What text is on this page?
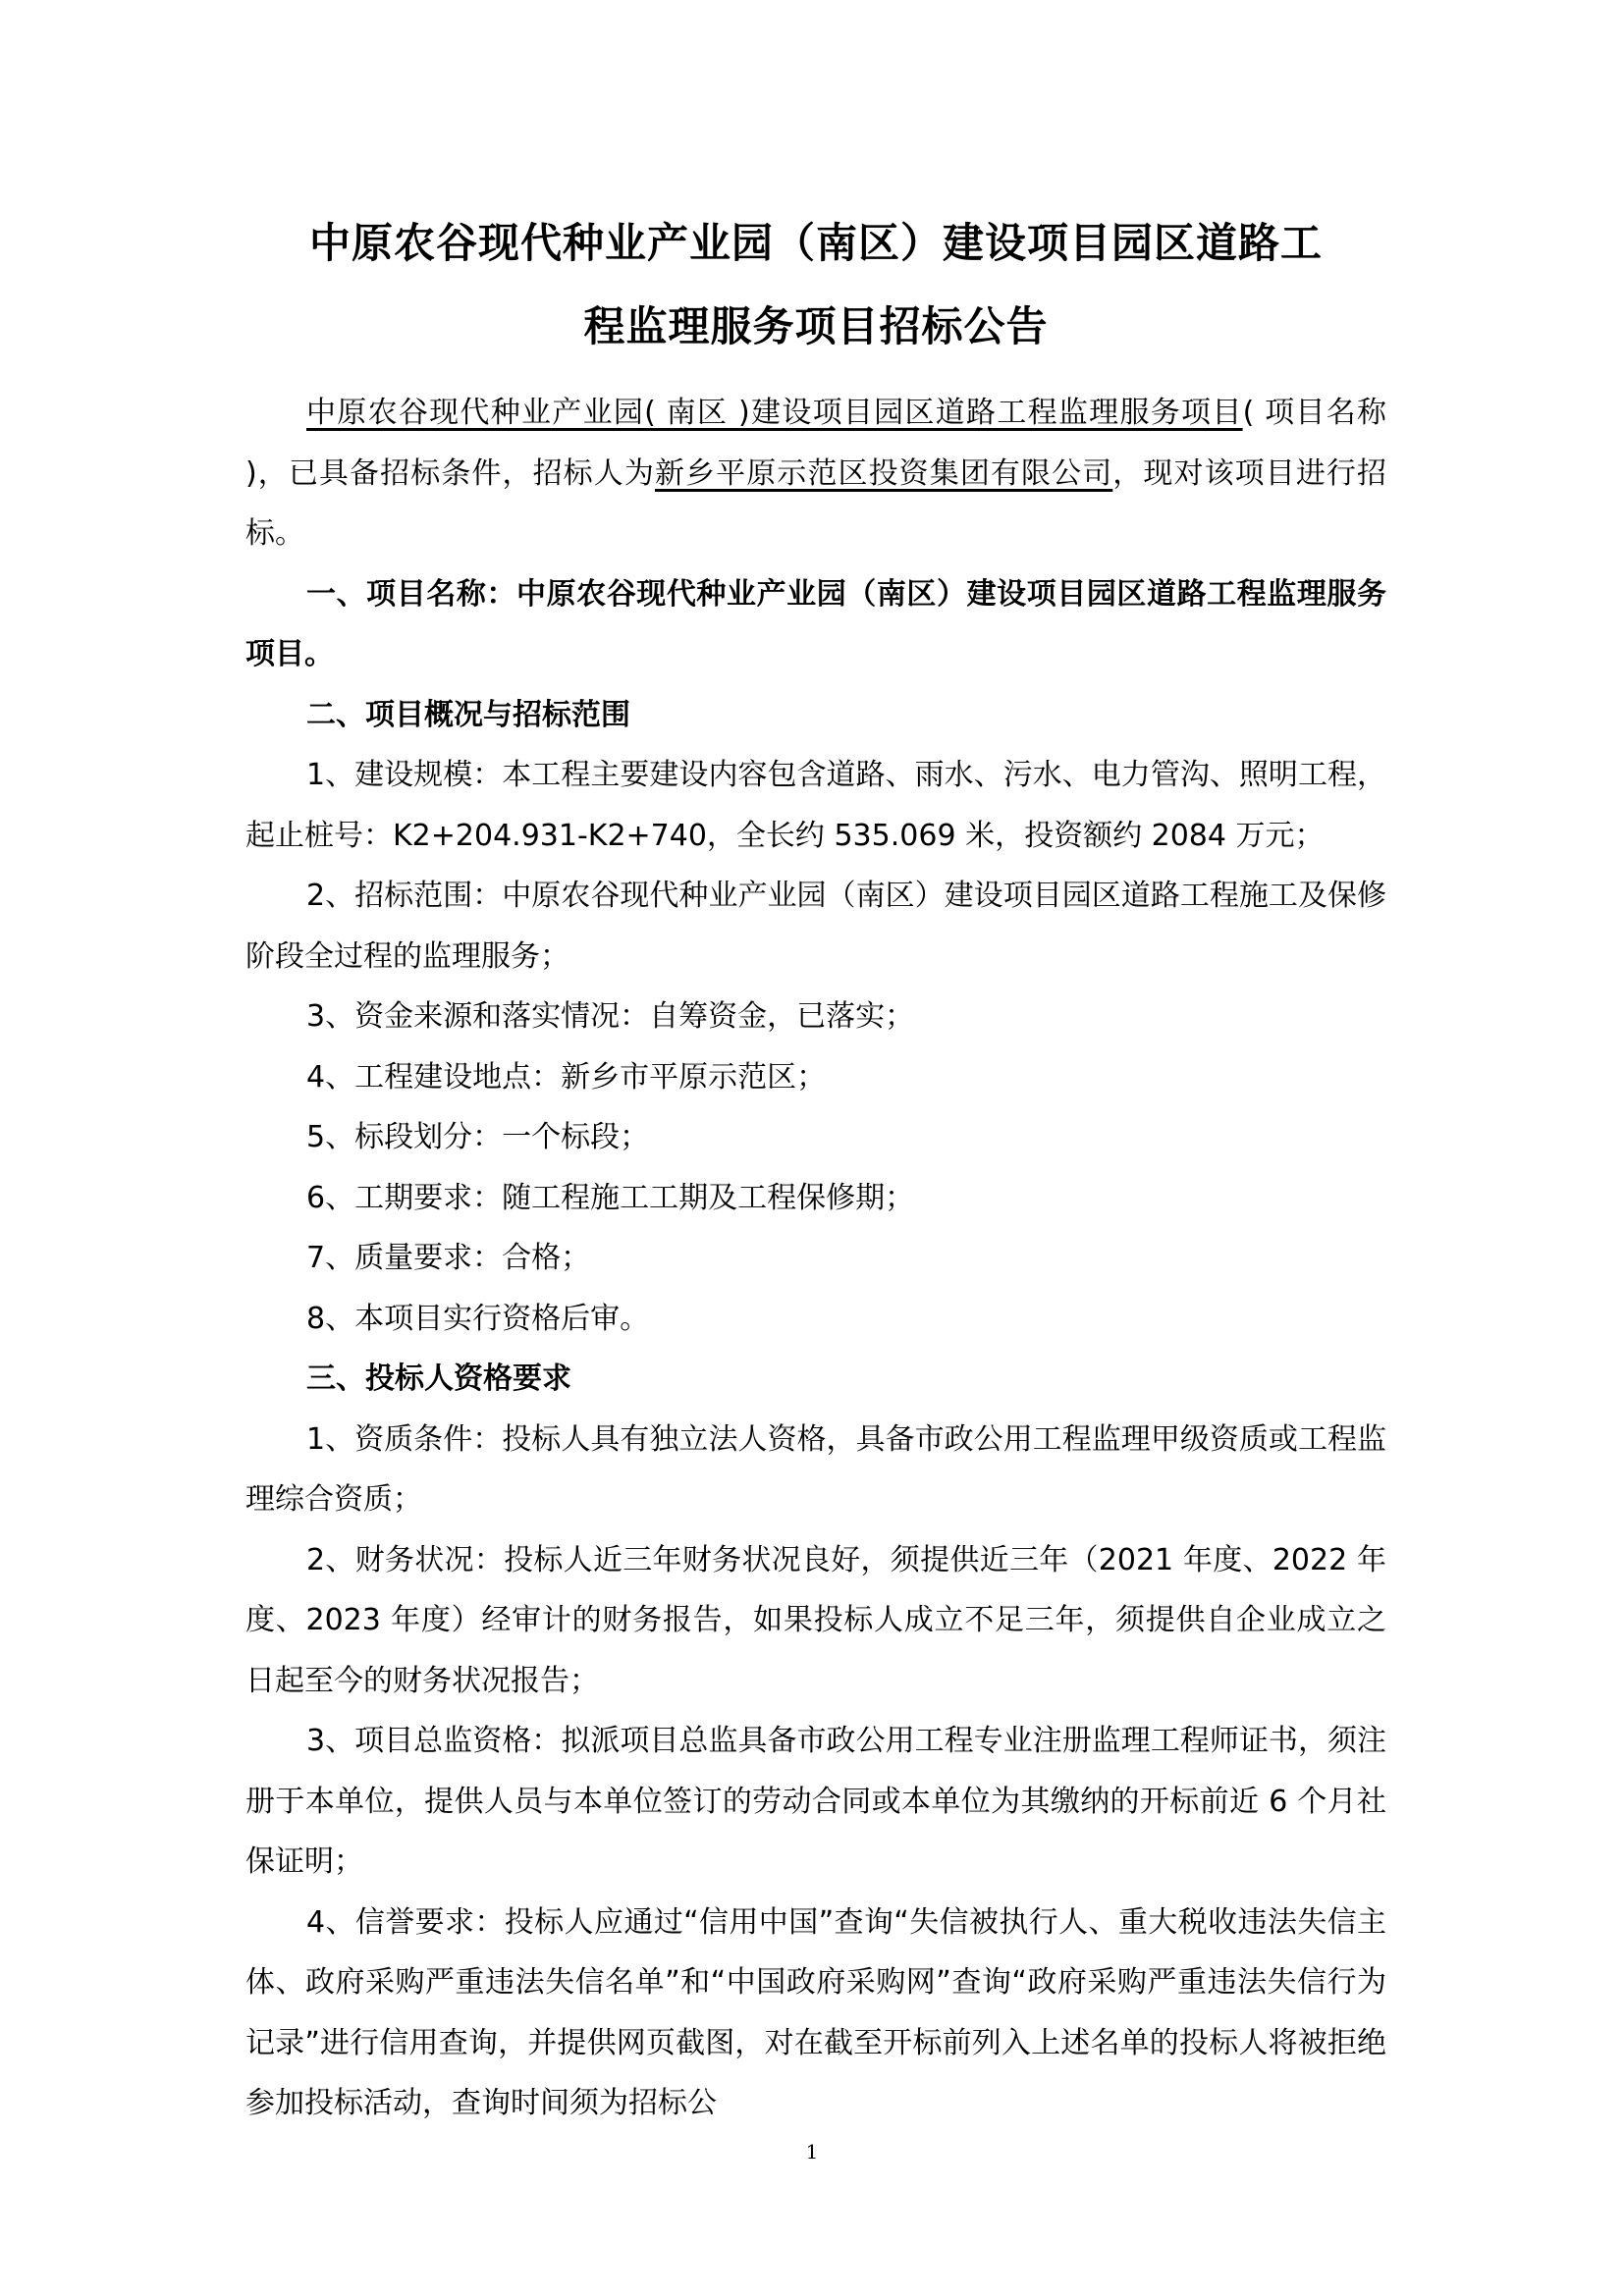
中原农谷现代种业产业园（南区）建设项目园区道路工
程监理服务项目招标公告

中原农谷现代种业产业园( 南区 )建设项目园区道路工程监理服务项目( 项目名称 )，已具备招标条件，招标人为新乡平原示范区投资集团有限公司，现对该项目进行招标。

一、项目名称：中原农谷现代种业产业园（南区）建设项目园区道路工程监理服务项目。

二、项目概况与招标范围

1、建设规模：本工程主要建设内容包含道路、雨水、污水、电力管沟、照明工程，起止桩号：K2+204.931-K2+740，全长约 535.069 米，投资额约 2084 万元；

2、招标范围：中原农谷现代种业产业园（南区）建设项目园区道路工程施工及保修阶段全过程的监理服务；

3、资金来源和落实情况：自筹资金，已落实；

4、工程建设地点：新乡市平原示范区；

5、标段划分：一个标段；

6、工期要求：随工程施工工期及工程保修期；

7、质量要求：合格；

8、本项目实行资格后审。

三、投标人资格要求

1、资质条件：投标人具有独立法人资格，具备市政公用工程监理甲级资质或工程监理综合资质；

2、财务状况：投标人近三年财务状况良好，须提供近三年（2021 年度、2022 年度、2023 年度）经审计的财务报告，如果投标人成立不足三年，须提供自企业成立之日起至今的财务状况报告；

3、项目总监资格：拟派项目总监具备市政公用工程专业注册监理工程师证书，须注册于本单位，提供人员与本单位签订的劳动合同或本单位为其缴纳的开标前近 6 个月社保证明；

4、信誉要求：投标人应通过“信用中国”查询“失信被执行人、重大税收违法失信主体、政府采购严重违法失信名单”和“中国政府采购网”查询“政府采购严重违法失信行为记录”进行信用查询，并提供网页截图，对在截至开标前列入上述名单的投标人将被拒绝参加投标活动，查询时间须为招标公

1
